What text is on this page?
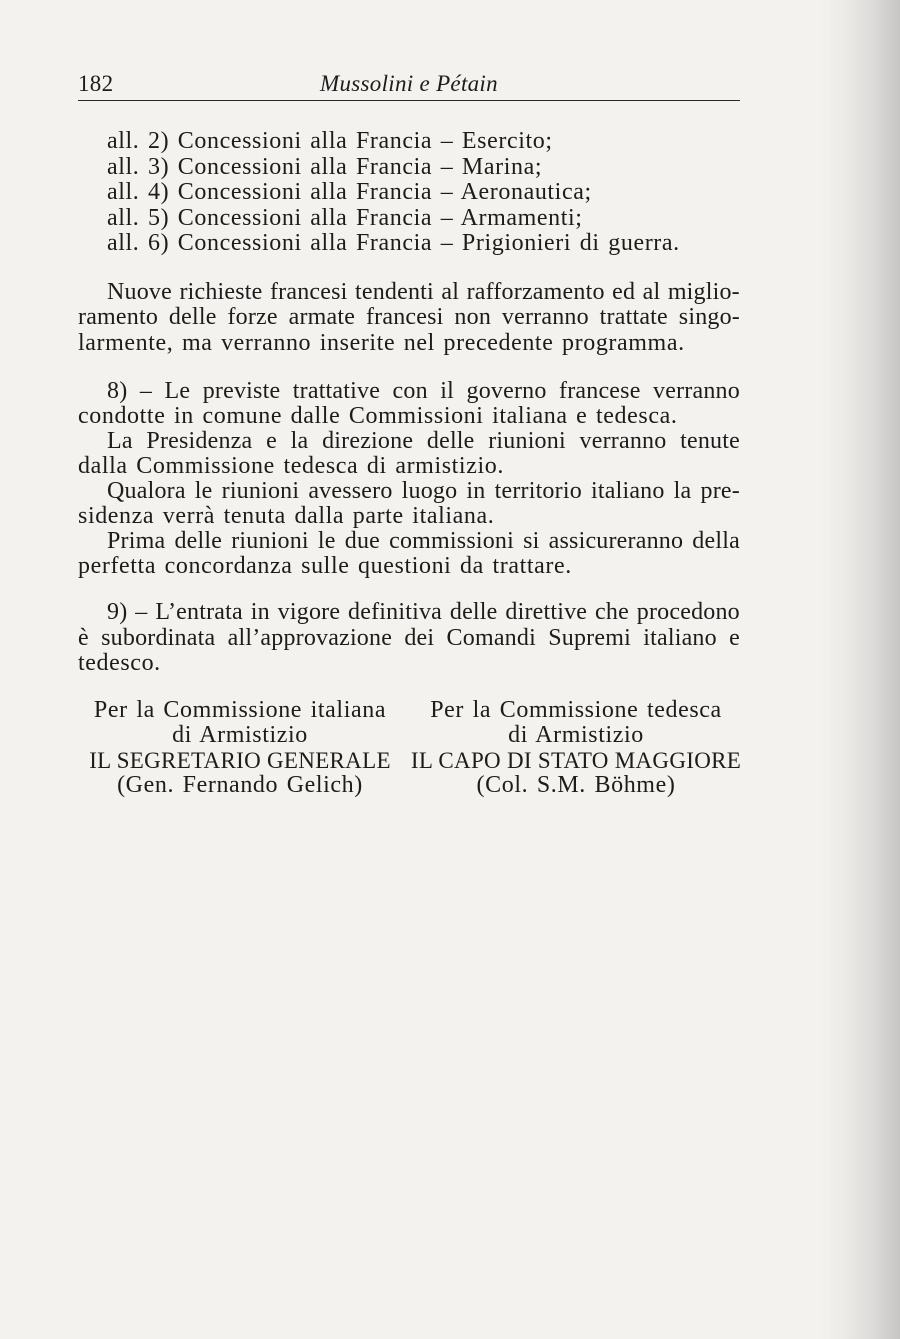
182	Mussolini e Pétain
all. 2) Concessioni alla Francia – Esercito;
all. 3) Concessioni alla Francia – Marina;
all. 4) Concessioni alla Francia – Aeronautica;
all. 5) Concessioni alla Francia – Armamenti;
all. 6) Concessioni alla Francia – Prigionieri di guerra.
Nuove richieste francesi tendenti al rafforzamento ed al miglio-
ramento delle forze armate francesi non verranno trattate singo-
larmente, ma verranno inserite nel precedente programma.
8) – Le previste trattative con il governo francese verranno
condotte in comune dalle Commissioni italiana e tedesca.
La Presidenza e la direzione delle riunioni verranno tenute
dalla Commissione tedesca di armistizio.
Qualora le riunioni avessero luogo in territorio italiano la pre-
sidenza verrà tenuta dalla parte italiana.
Prima delle riunioni le due commissioni si assicureranno della
perfetta concordanza sulle questioni da trattare.
9) – L’entrata in vigore definitiva delle direttive che procedono
è subordinata all’approvazione dei Comandi Supremi italiano e
tedesco.
Per la Commissione italiana
di Armistizio
IL SEGRETARIO GENERALE
(Gen. Fernando Gelich)
Per la Commissione tedesca
di Armistizio
IL CAPO DI STATO MAGGIORE
(Col. S.M. Böhme)
